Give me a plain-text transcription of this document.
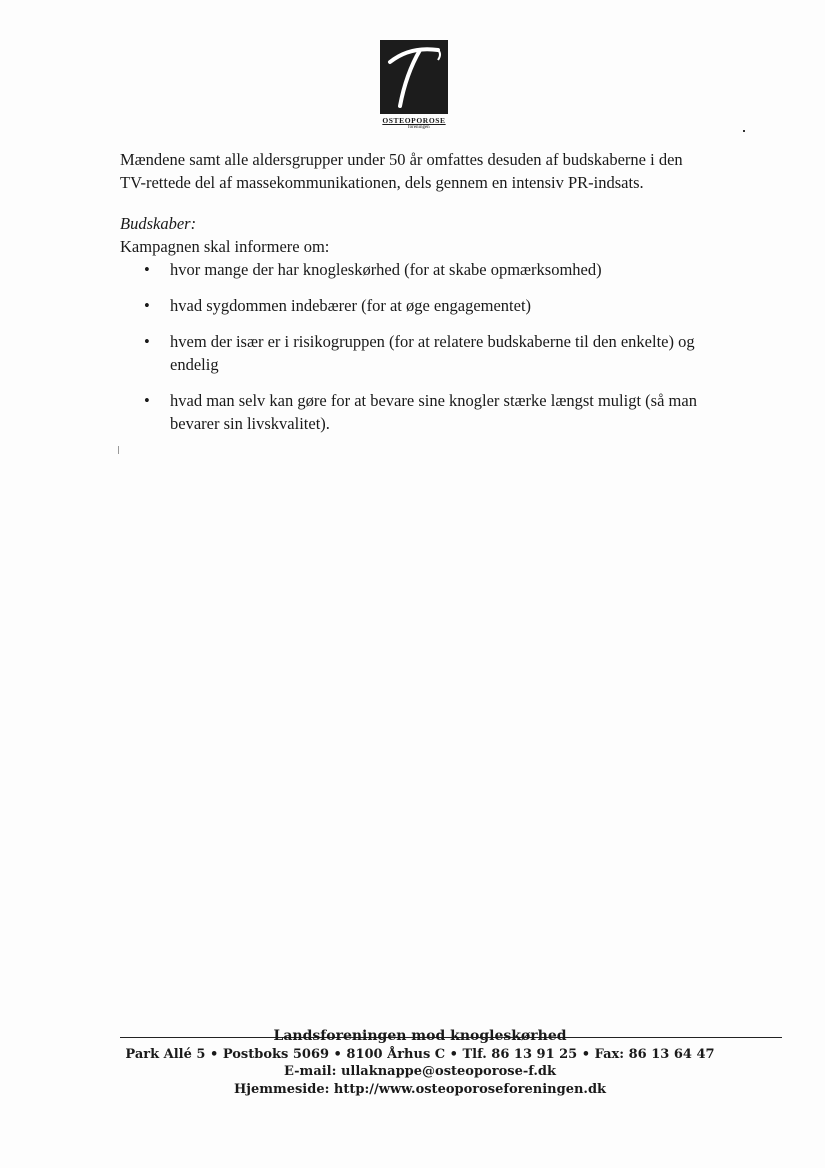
OSTEOPOROSE
foreningen

Mændene samt alle aldersgrupper under 50 år omfattes desuden af budskaberne i den TV-rettede del af massekommunikationen, dels gennem en intensiv PR-indsats.

Budskaber:

Kampagnen skal informere om:

• hvor mange der har knogleskørhed (for at skabe opmærksomhed)
• hvad sygdommen indebærer (for at øge engagementet)
• hvem der især er i risikogruppen (for at relatere budskaberne til den enkelte) og endelig
• hvad man selv kan gøre for at bevare sine knogler stærke længst muligt (så man bevarer sin livskvalitet).
Landsforeningen mod knogleskørhed
Park Allé 5 • Postboks 5069 • 8100 Århus C • Tlf. 86 13 91 25 • Fax: 86 13 64 47
E-mail: ullaknappe@osteoporose-f.dk
Hjemmeside: http://www.osteoporoseforeningen.dk
